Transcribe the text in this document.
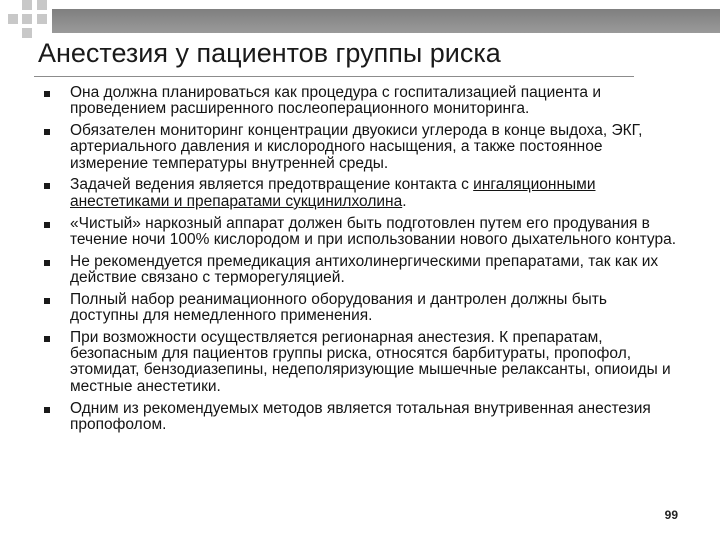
Анестезия у пациентов группы риска
Она должна планироваться как процедура с госпитализацией пациента и проведением расширенного послеоперационного мониторинга.
Обязателен мониторинг концентрации двуокиси углерода в конце выдоха, ЭКГ, артериального давления и кислородного насыщения, а также постоянное измерение температуры внутренней среды.
Задачей ведения является предотвращение контакта с ингаляционными анестетиками и препаратами сукцинилхолина.
«Чистый» наркозный аппарат должен быть подготовлен путем его продувания в течение ночи 100% кислородом и при использовании нового дыхательного контура.
Не рекомендуется премедикация антихолинергическими препаратами, так как их действие связано с терморегуляцией.
Полный набор реанимационного оборудования и дантролен должны быть доступны для немедленного применения.
При возможности осуществляется регионарная анестезия. К препаратам, безопасным для пациентов группы риска, относятся барбитураты, пропофол, этомидат, бензодиазепины, недеполяризующие мышечные релаксанты, опиоиды и местные анестетики.
Одним из рекомендуемых методов является тотальная внутривенная анестезия пропофолом.
99
